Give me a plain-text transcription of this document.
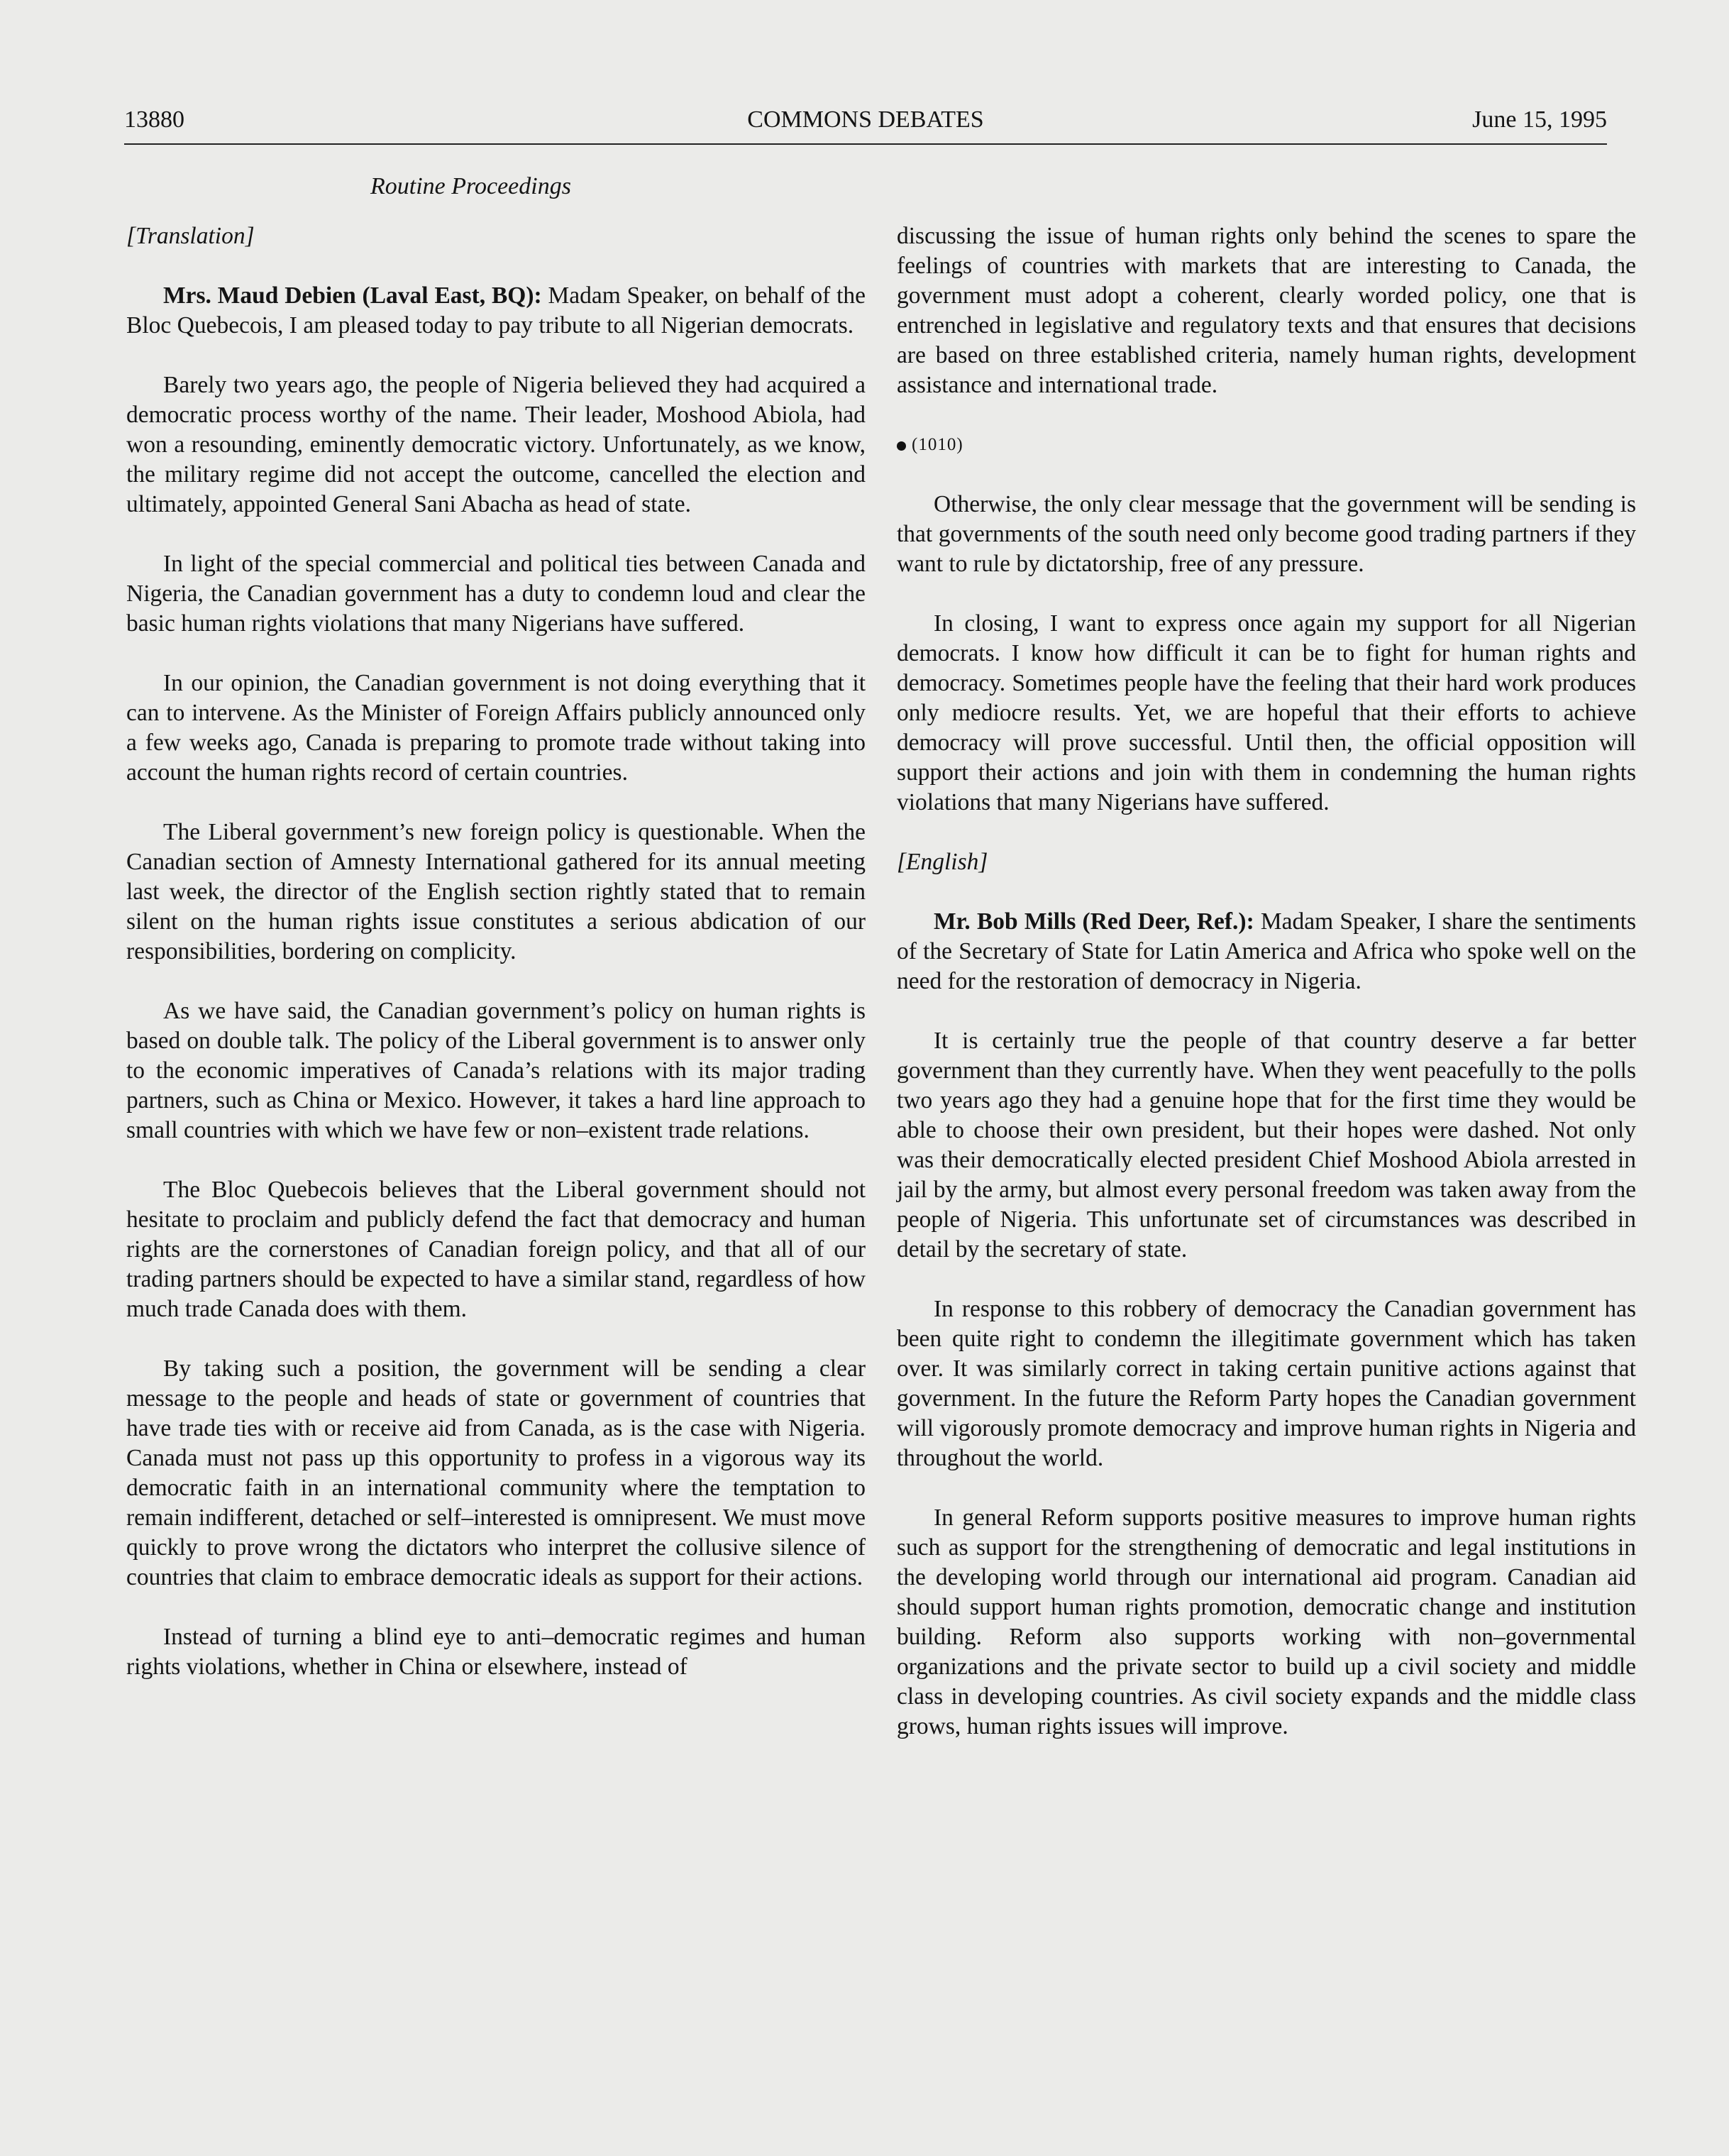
13880	COMMONS DEBATES	June 15, 1995
Routine Proceedings

[Translation]

Mrs. Maud Debien (Laval East, BQ): Madam Speaker, on behalf of the Bloc Quebecois, I am pleased today to pay tribute to all Nigerian democrats.

Barely two years ago, the people of Nigeria believed they had acquired a democratic process worthy of the name. Their leader, Moshood Abiola, had won a resounding, eminently democratic victory. Unfortunately, as we know, the military regime did not accept the outcome, cancelled the election and ultimately, appointed General Sani Abacha as head of state.

In light of the special commercial and political ties between Canada and Nigeria, the Canadian government has a duty to condemn loud and clear the basic human rights violations that many Nigerians have suffered.

In our opinion, the Canadian government is not doing everything that it can to intervene. As the Minister of Foreign Affairs publicly announced only a few weeks ago, Canada is preparing to promote trade without taking into account the human rights record of certain countries.

The Liberal government’s new foreign policy is questionable. When the Canadian section of Amnesty International gathered for its annual meeting last week, the director of the English section rightly stated that to remain silent on the human rights issue constitutes a serious abdication of our responsibilities, bordering on complicity.

As we have said, the Canadian government’s policy on human rights is based on double talk. The policy of the Liberal government is to answer only to the economic imperatives of Canada’s relations with its major trading partners, such as China or Mexico. However, it takes a hard line approach to small countries with which we have few or non–existent trade relations.

The Bloc Quebecois believes that the Liberal government should not hesitate to proclaim and publicly defend the fact that democracy and human rights are the cornerstones of Canadian foreign policy, and that all of our trading partners should be expected to have a similar stand, regardless of how much trade Canada does with them.

By taking such a position, the government will be sending a clear message to the people and heads of state or government of countries that have trade ties with or receive aid from Canada, as is the case with Nigeria. Canada must not pass up this opportunity to profess in a vigorous way its democratic faith in an international community where the temptation to remain indifferent, detached or self–interested is omnipresent. We must move quickly to prove wrong the dictators who interpret the collusive silence of countries that claim to embrace democratic ideals as support for their actions.

Instead of turning a blind eye to anti–democratic regimes and human rights violations, whether in China or elsewhere, instead of

discussing the issue of human rights only behind the scenes to spare the feelings of countries with markets that are interesting to Canada, the government must adopt a coherent, clearly worded policy, one that is entrenched in legislative and regulatory texts and that ensures that decisions are based on three established criteria, namely human rights, development assistance and international trade.

(1010)

Otherwise, the only clear message that the government will be sending is that governments of the south need only become good trading partners if they want to rule by dictatorship, free of any pressure.

In closing, I want to express once again my support for all Nigerian democrats. I know how difficult it can be to fight for human rights and democracy. Sometimes people have the feeling that their hard work produces only mediocre results. Yet, we are hopeful that their efforts to achieve democracy will prove successful. Until then, the official opposition will support their actions and join with them in condemning the human rights violations that many Nigerians have suffered.

[English]

Mr. Bob Mills (Red Deer, Ref.): Madam Speaker, I share the sentiments of the Secretary of State for Latin America and Africa who spoke well on the need for the restoration of democracy in Nigeria.

It is certainly true the people of that country deserve a far better government than they currently have. When they went peacefully to the polls two years ago they had a genuine hope that for the first time they would be able to choose their own president, but their hopes were dashed. Not only was their democratically elected president Chief Moshood Abiola arrested in jail by the army, but almost every personal freedom was taken away from the people of Nigeria. This unfortunate set of circumstances was described in detail by the secretary of state.

In response to this robbery of democracy the Canadian government has been quite right to condemn the illegitimate government which has taken over. It was similarly correct in taking certain punitive actions against that government. In the future the Reform Party hopes the Canadian government will vigorously promote democracy and improve human rights in Nigeria and throughout the world.

In general Reform supports positive measures to improve human rights such as support for the strengthening of democratic and legal institutions in the developing world through our international aid program. Canadian aid should support human rights promotion, democratic change and institution building. Reform also supports working with non–governmental organizations and the private sector to build up a civil society and middle class in developing countries. As civil society expands and the middle class grows, human rights issues will improve.
